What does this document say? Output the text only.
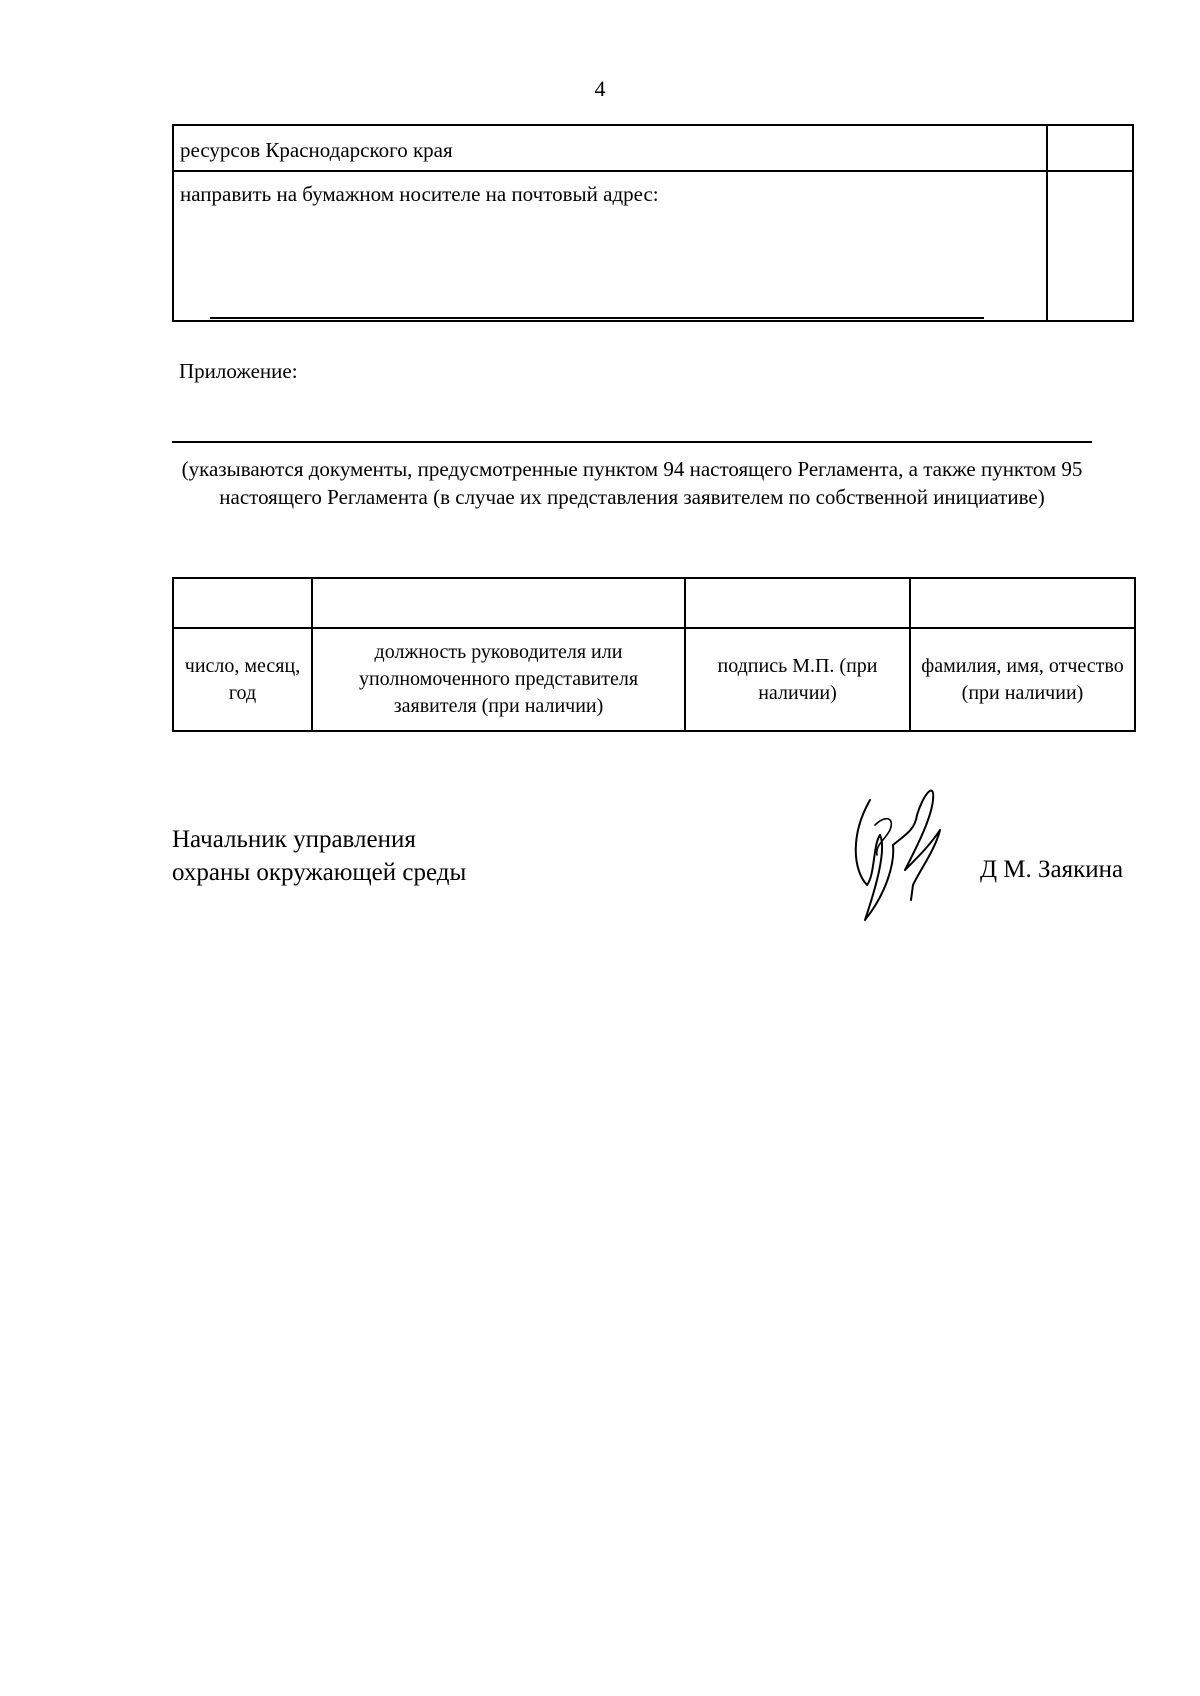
4
ресурсов Краснодарского края	
направить на бумажном носителе на почтовый адрес:

Приложение:
(указываются документы, предусмотренные пунктом 94 настоящего Регламента, а также пунктом 95 настоящего Регламента (в случае их представления заявителем по собственной инициативе)

число, месяц, год	должность руководителя или уполномоченного представителя заявителя (при наличии)	подпись М.П. (при наличии)	фамилия, имя, отчество (при наличии)
Начальник управления
охраны окружающей среды	Д М. Заякина
